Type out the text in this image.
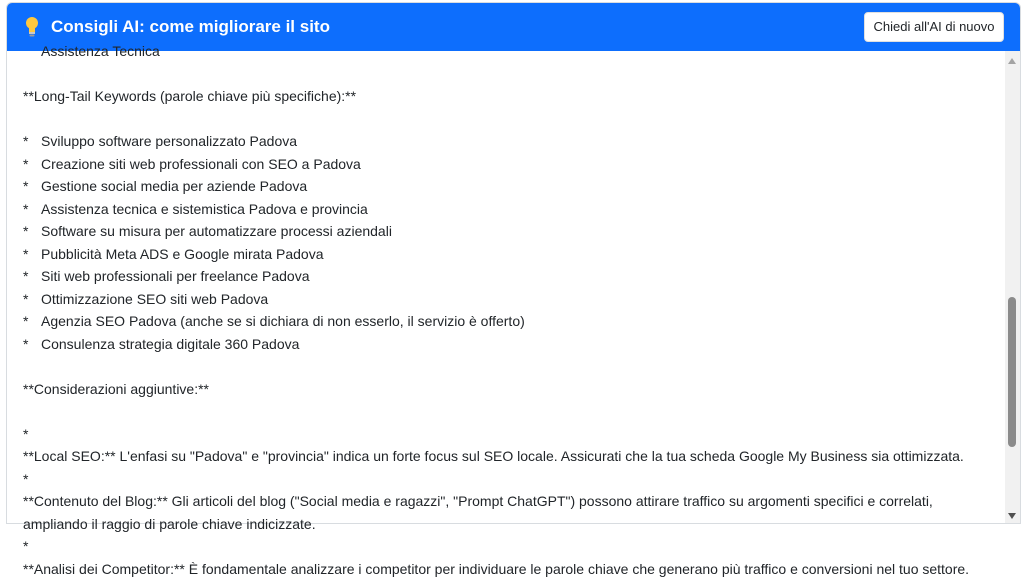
Consigli AI: come migliorare il sito	Chiedi all'AI di nuovo

Assistenza Tecnica

**Long-Tail Keywords (parole chiave più specifiche):**

* Sviluppo software personalizzato Padova
* Creazione siti web professionali con SEO a Padova
* Gestione social media per aziende Padova
* Assistenza tecnica e sistemistica Padova e provincia
* Software su misura per automatizzare processi aziendali
* Pubblicità Meta ADS e Google mirata Padova
* Siti web professionali per freelance Padova
* Ottimizzazione SEO siti web Padova
* Agenzia SEO Padova (anche se si dichiara di non esserlo, il servizio è offerto)
* Consulenza strategia digitale 360 Padova

**Considerazioni aggiuntive:**

*
**Local SEO:** L'enfasi su "Padova" e "provincia" indica un forte focus sul SEO locale. Assicurati che la tua scheda Google My Business sia ottimizzata.
*
**Contenuto del Blog:** Gli articoli del blog ("Social media e ragazzi", "Prompt ChatGPT") possono attirare traffico su argomenti specifici e correlati, ampliando il raggio di parole chiave indicizzate.
*
**Analisi dei Competitor:** È fondamentale analizzare i competitor per individuare le parole chiave che generano più traffico e conversioni nel tuo settore.
